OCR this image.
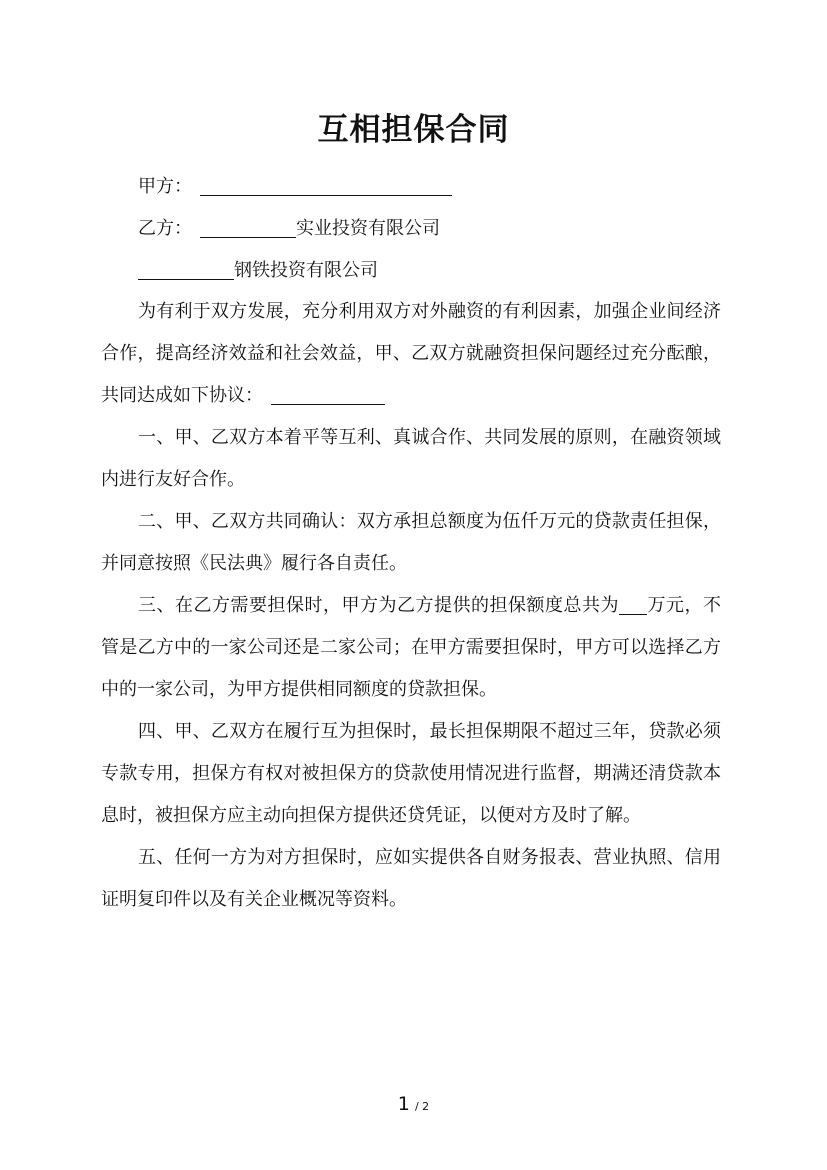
互相担保合同
甲方：
乙方：	实业投资有限公司
钢铁投资有限公司

为有利于双方发展，充分利用双方对外融资的有利因素，加强企业间经济合作，提高经济效益和社会效益，甲、乙双方就融资担保问题经过充分酝酿，共同达成如下协议：

一、甲、乙双方本着平等互利、真诚合作、共同发展的原则，在融资领域内进行友好合作。

二、甲、乙双方共同确认：双方承担总额度为伍仟万元的贷款责任担保，并同意按照《民法典》履行各自责任。

三、在乙方需要担保时，甲方为乙方提供的担保额度总共为 万元，不管是乙方中的一家公司还是二家公司；在甲方需要担保时，甲方可以选择乙方中的一家公司，为甲方提供相同额度的贷款担保。

四、甲、乙双方在履行互为担保时，最长担保期限不超过三年，贷款必须专款专用，担保方有权对被担保方的贷款使用情况进行监督，期满还清贷款本息时，被担保方应主动向担保方提供还贷凭证，以便对方及时了解。

五、任何一方为对方担保时，应如实提供各自财务报表、营业执照、信用证明复印件以及有关企业概况等资料。

1 / 2
